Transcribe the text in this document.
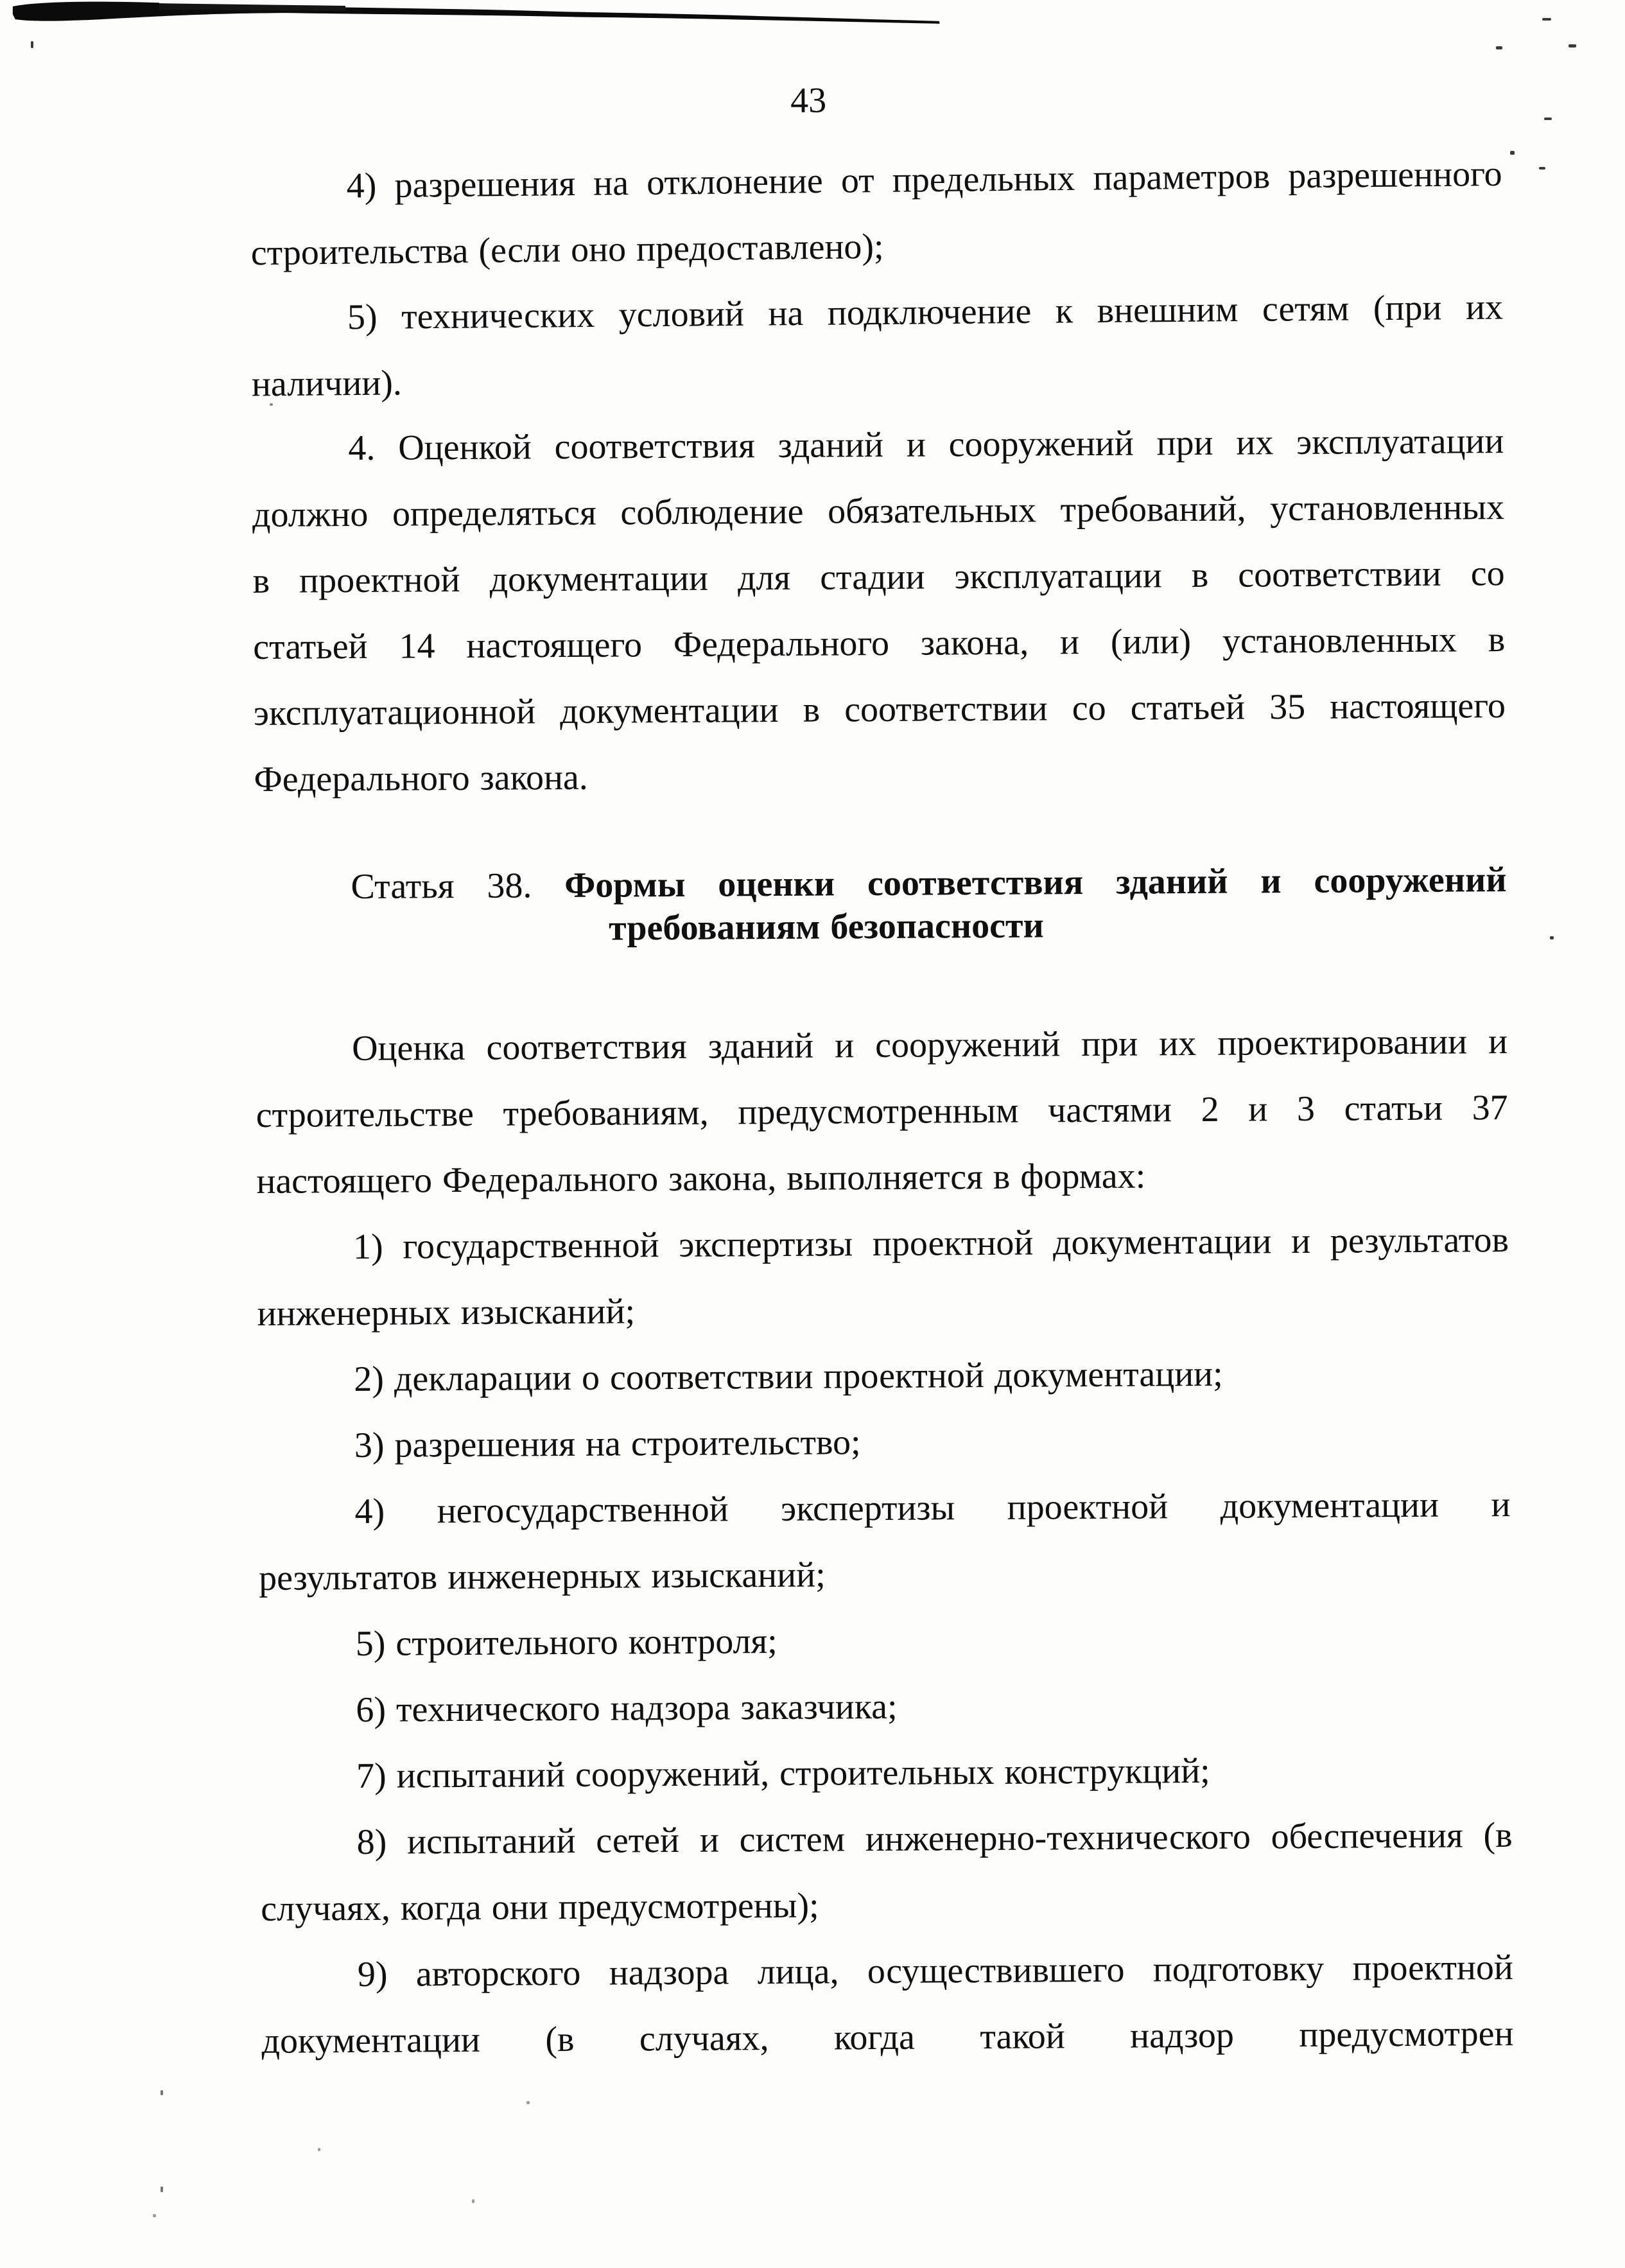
43
4) разрешения на отклонение от предельных параметров разрешенного
строительства (если оно предоставлено);
5) технических условий на подключение к внешним сетям (при их
наличии).
4. Оценкой соответствия зданий и сооружений при их эксплуатации
должно определяться соблюдение обязательных требований, установленных
в проектной документации для стадии эксплуатации в соответствии со
статьей 14 настоящего Федерального закона, и (или) установленных в
эксплуатационной документации в соответствии со статьей 35 настоящего
Федерального закона.
Статья 38. Формы оценки соответствия зданий и сооружений
требованиям безопасности
Оценка соответствия зданий и сооружений при их проектировании и
строительстве требованиям, предусмотренным частями 2 и 3 статьи 37
настоящего Федерального закона, выполняется в формах:
1) государственной экспертизы проектной документации и результатов
инженерных изысканий;
2) декларации о соответствии проектной документации;
3) разрешения на строительство;
4) негосударственной экспертизы проектной документации и
результатов инженерных изысканий;
5) строительного контроля;
6) технического надзора заказчика;
7) испытаний сооружений, строительных конструкций;
8) испытаний сетей и систем инженерно-технического обеспечения (в
случаях, когда они предусмотрены);
9) авторского надзора лица, осуществившего подготовку проектной
документации (в случаях, когда такой надзор предусмотрен
